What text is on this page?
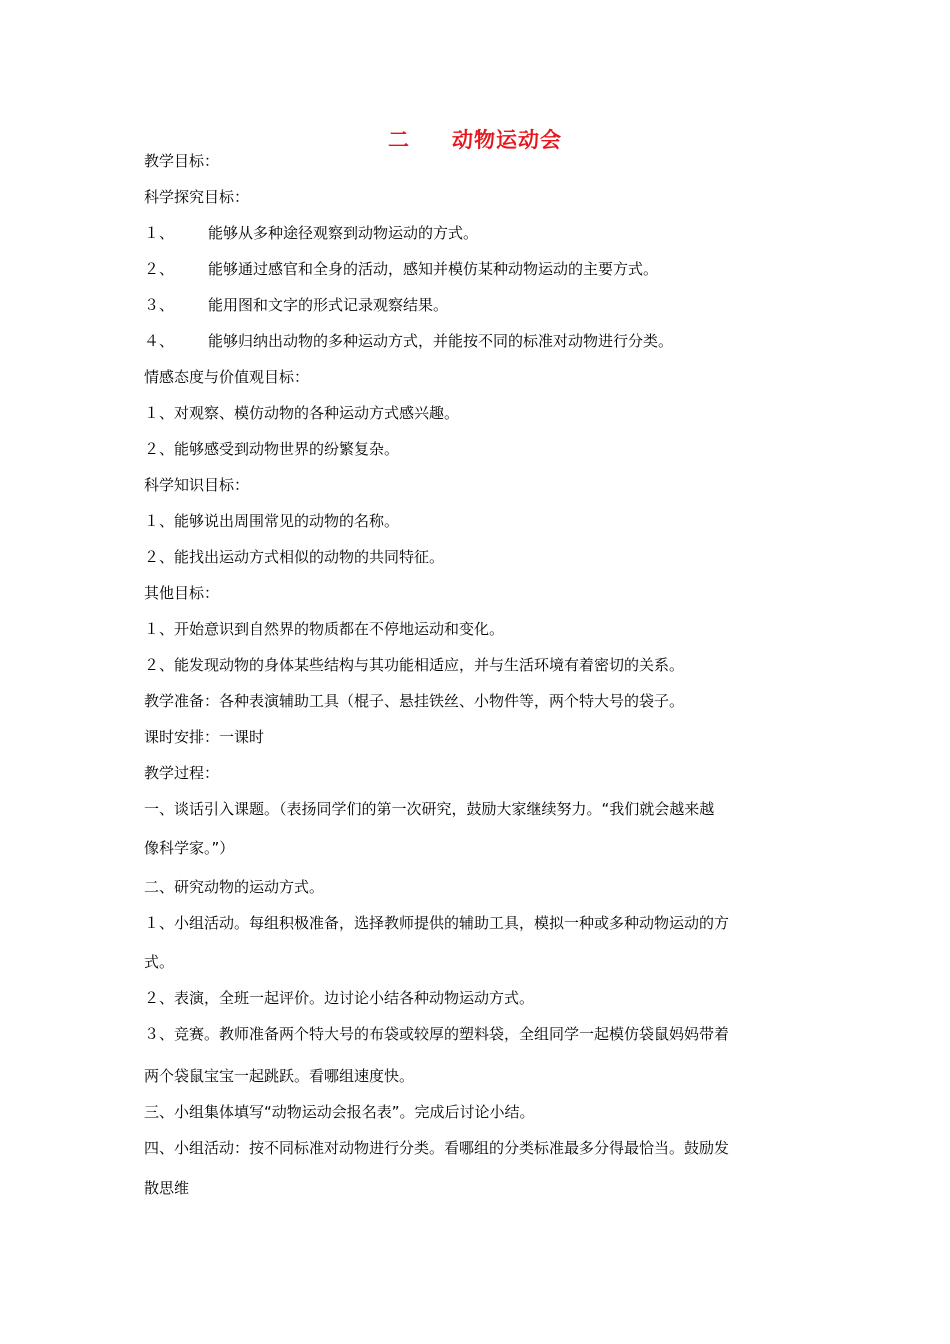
二 动物运动会
教学目标：
科学探究目标：
１、 能够从多种途径观察到动物运动的方式。
２、 能够通过感官和全身的活动，感知并模仿某种动物运动的主要方式。
３、 能用图和文字的形式记录观察结果。
４、 能够归纳出动物的多种运动方式，并能按不同的标准对动物进行分类。
情感态度与价值观目标：
１、对观察、模仿动物的各种运动方式感兴趣。
２、能够感受到动物世界的纷繁复杂。
科学知识目标：
１、能够说出周围常见的动物的名称。
２、能找出运动方式相似的动物的共同特征。
其他目标：
１、开始意识到自然界的物质都在不停地运动和变化。
２、能发现动物的身体某些结构与其功能相适应，并与生活环境有着密切的关系。
教学准备：各种表演辅助工具（棍子、悬挂铁丝、小物件等，两个特大号的袋子。
课时安排：一课时
教学过程：
一、谈话引入课题。（表扬同学们的第一次研究，鼓励大家继续努力。“我们就会越来越
像科学家。”）
二、研究动物的运动方式。
１、小组活动。每组积极准备，选择教师提供的辅助工具，模拟一种或多种动物运动的方
式。
２、表演，全班一起评价。边讨论小结各种动物运动方式。
３、竞赛。教师准备两个特大号的布袋或较厚的塑料袋，全组同学一起模仿袋鼠妈妈带着
两个袋鼠宝宝一起跳跃。看哪组速度快。
三、小组集体填写“动物运动会报名表”。完成后讨论小结。
四、小组活动：按不同标准对动物进行分类。看哪组的分类标准最多分得最恰当。鼓励发
散思维
